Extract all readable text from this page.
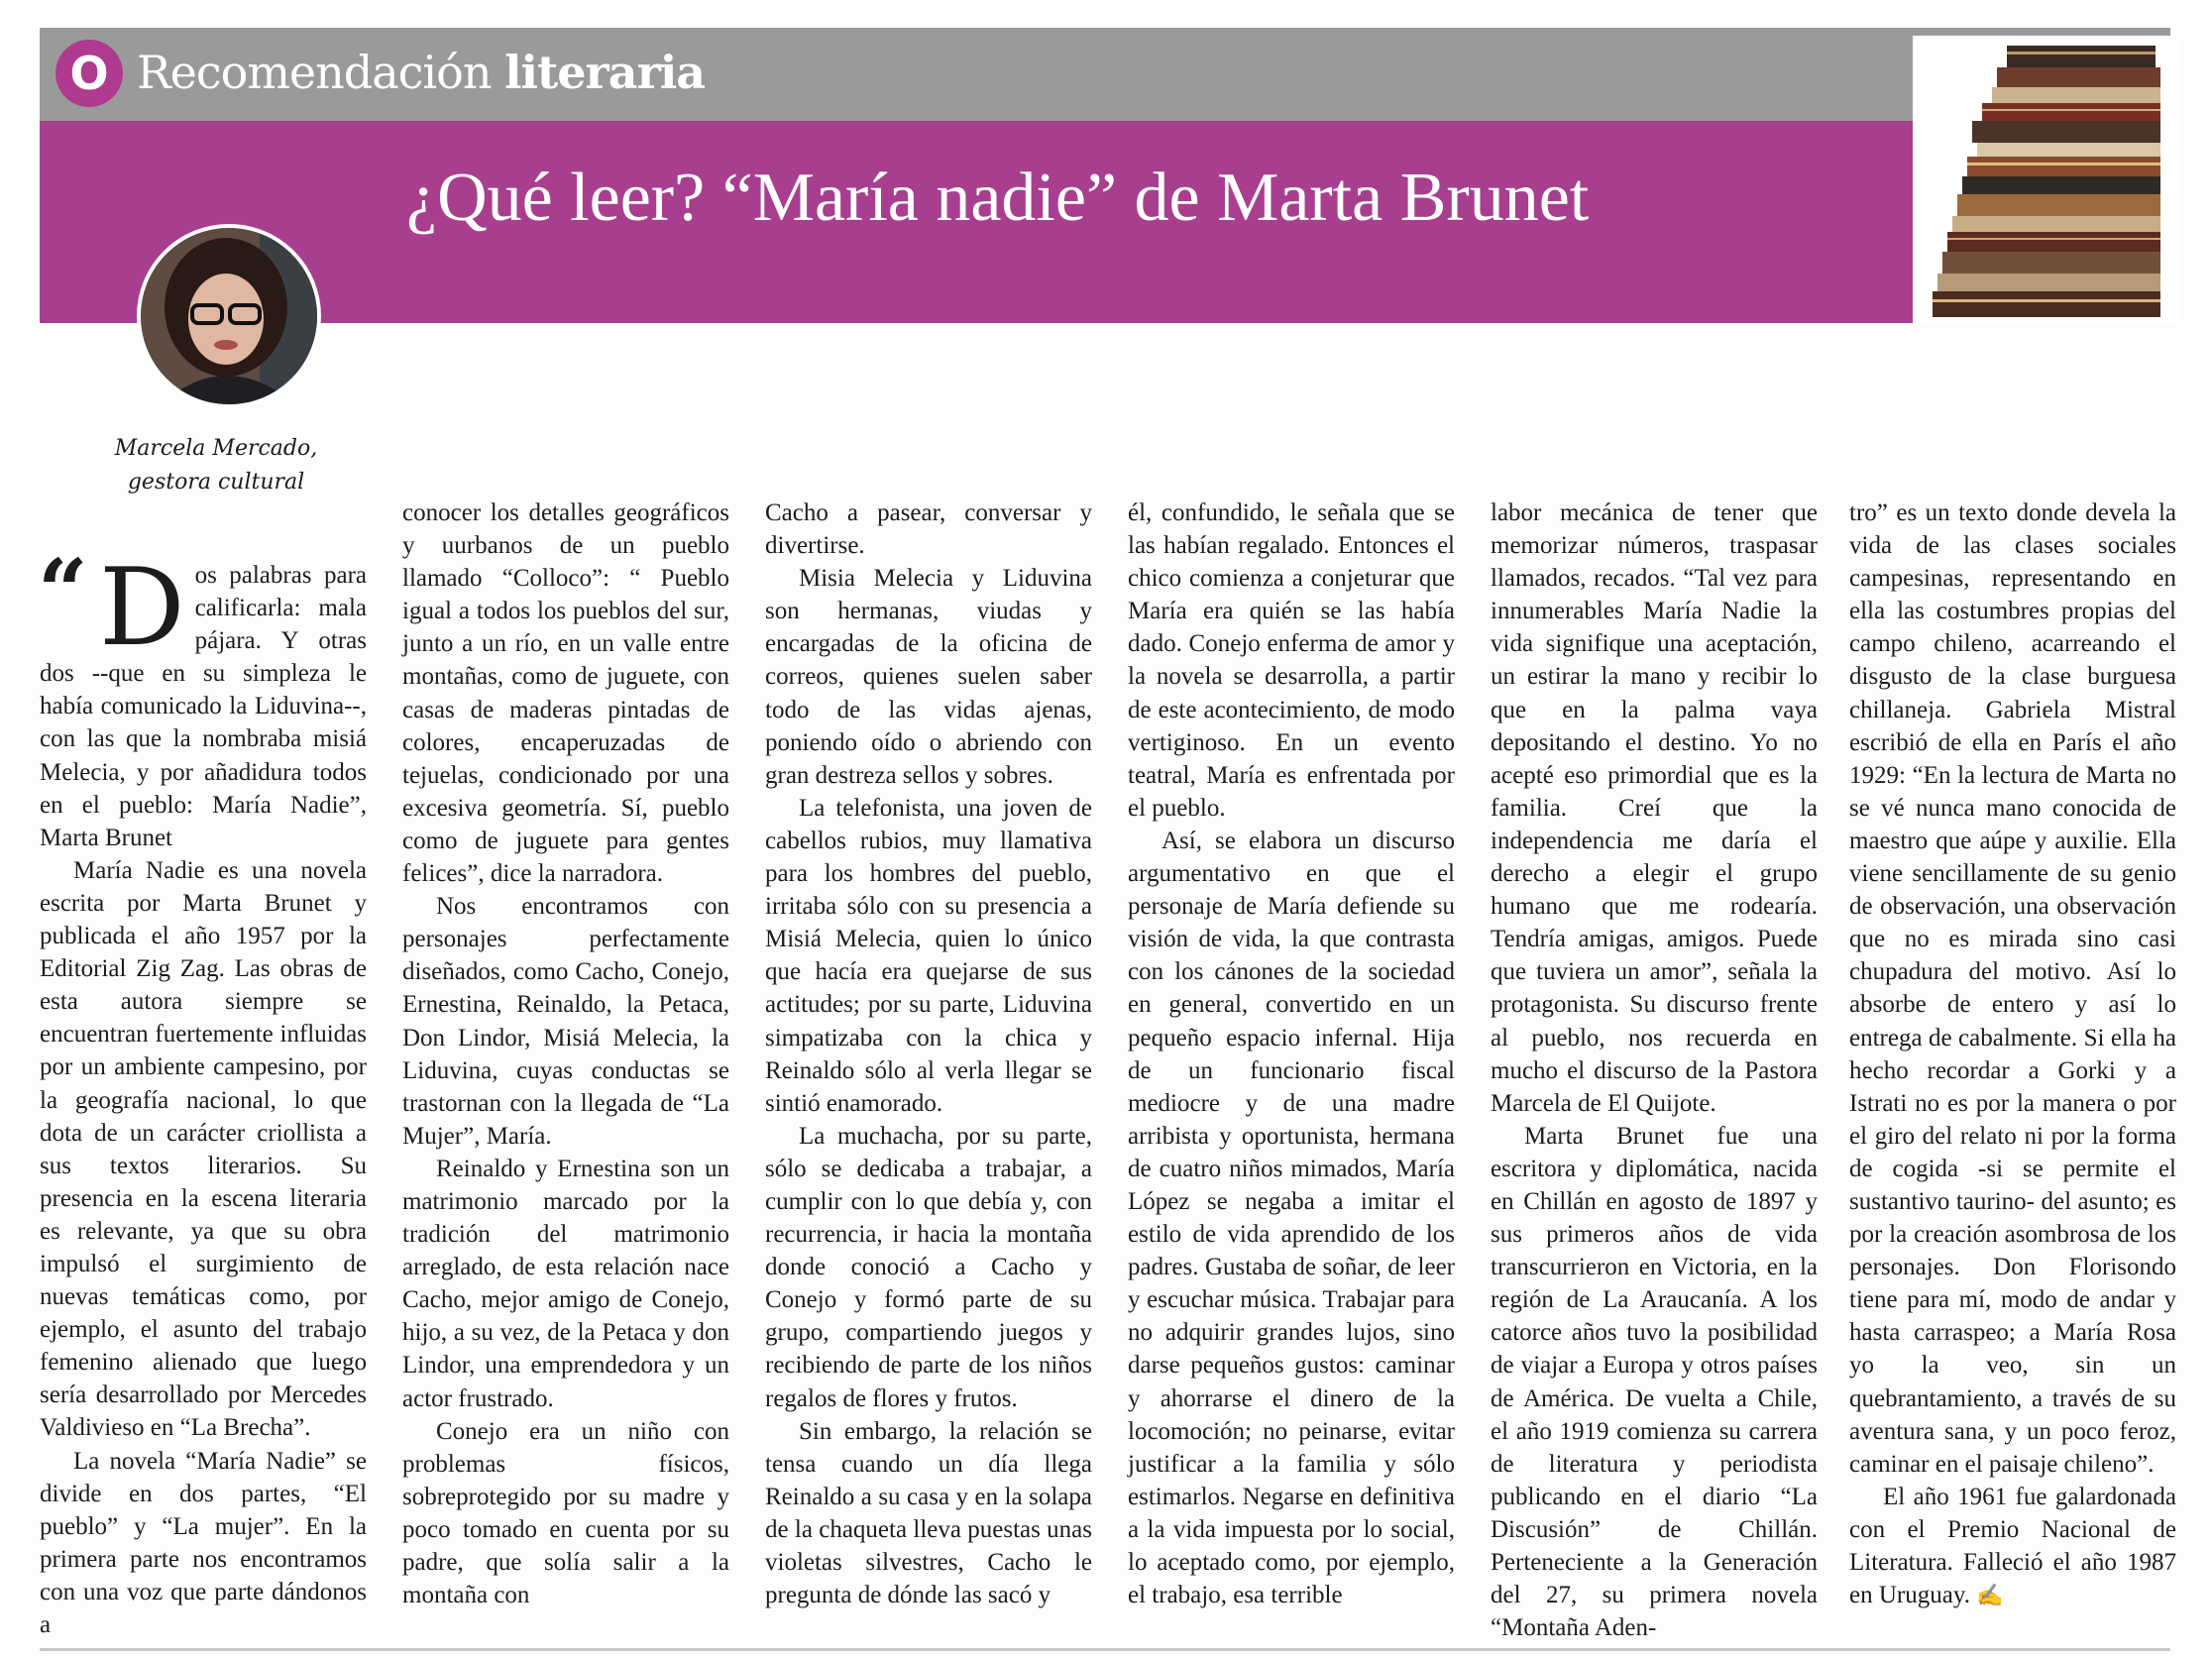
O Recomendación literaria
¿Qué leer? “María nadie” de Marta Brunet
Marcela Mercado,
gestora cultural
“ D os palabras para calificarla: mala pájara. Y otras dos --que en su simpleza le había comunicado la Liduvina--, con las que la nombraba misiá Melecia, y por añadidura todos en el pueblo: María Nadie”, Marta Brunet

María Nadie es una novela escrita por Marta Brunet y publicada el año 1957 por la Editorial Zig Zag. Las obras de esta autora siempre se encuentran fuertemente influidas por un ambiente campesino, por la geografía nacional, lo que dota de un carácter criollista a sus textos literarios. Su presencia en la escena literaria es relevante, ya que su obra impulsó el surgimiento de nuevas temáticas como, por ejemplo, el asunto del trabajo femenino alienado que luego sería desarrollado por Mercedes Valdivieso en “La Brecha”.

La novela “María Nadie” se divide en dos partes, “El pueblo” y “La mujer”. En la primera parte nos encontramos con una voz que parte dándonos a

conocer los detalles geográficos y uurbanos de un pueblo llamado “Colloco”: “ Pueblo igual a todos los pueblos del sur, junto a un río, en un valle entre montañas, como de juguete, con casas de maderas pintadas de colores, encaperuzadas de tejuelas, condicionado por una excesiva geometría. Sí, pueblo como de juguete para gentes felices”, dice la narradora.

Nos encontramos con personajes perfectamente diseñados, como Cacho, Conejo, Ernestina, Reinaldo, la Petaca, Don Lindor, Misiá Melecia, la Liduvina, cuyas conductas se trastornan con la llegada de “La Mujer”, María.

Reinaldo y Ernestina son un matrimonio marcado por la tradición del matrimonio arreglado, de esta relación nace Cacho, mejor amigo de Conejo, hijo, a su vez, de la Petaca y don Lindor, una emprendedora y un actor frustrado.

Conejo era un niño con problemas físicos, sobreprotegido por su madre y poco tomado en cuenta por su padre, que solía salir a la montaña con

Cacho a pasear, conversar y divertirse.

Misia Melecia y Liduvina son hermanas, viudas y encargadas de la oficina de correos, quienes suelen saber todo de las vidas ajenas, poniendo oído o abriendo con gran destreza sellos y sobres.

La telefonista, una joven de cabellos rubios, muy llamativa para los hombres del pueblo, irritaba sólo con su presencia a Misiá Melecia, quien lo único que hacía era quejarse de sus actitudes; por su parte, Liduvina simpatizaba con la chica y Reinaldo sólo al verla llegar se sintió enamorado.

La muchacha, por su parte, sólo se dedicaba a trabajar, a cumplir con lo que debía y, con recurrencia, ir hacia la montaña donde conoció a Cacho y Conejo y formó parte de su grupo, compartiendo juegos y recibiendo de parte de los niños regalos de flores y frutos.

Sin embargo, la relación se tensa cuando un día llega Reinaldo a su casa y en la solapa de la chaqueta lleva puestas unas violetas silvestres, Cacho le pregunta de dónde las sacó y

él, confundido, le señala que se las habían regalado. Entonces el chico comienza a conjeturar que María era quién se las había dado. Conejo enferma de amor y la novela se desarrolla, a partir de este acontecimiento, de modo vertiginoso. En un evento teatral, María es enfrentada por el pueblo.

Así, se elabora un discurso argumentativo en que el personaje de María defiende su visión de vida, la que contrasta con los cánones de la sociedad en general, convertido en un pequeño espacio infernal. Hija de un funcionario fiscal mediocre y de una madre arribista y oportunista, hermana de cuatro niños mimados, María López se negaba a imitar el estilo de vida aprendido de los padres. Gustaba de soñar, de leer y escuchar música. Trabajar para no adquirir grandes lujos, sino darse pequeños gustos: caminar y ahorrarse el dinero de la locomoción; no peinarse, evitar justificar a la familia y sólo estimarlos. Negarse en definitiva a la vida impuesta por lo social, lo aceptado como, por ejemplo, el trabajo, esa terrible

labor mecánica de tener que memorizar números, traspasar llamados, recados. “Tal vez para innumerables María Nadie la vida signifique una aceptación, un estirar la mano y recibir lo que en la palma vaya depositando el destino. Yo no acepté eso primordial que es la familia. Creí que la independencia me daría el derecho a elegir el grupo humano que me rodearía. Tendría amigas, amigos. Puede que tuviera un amor”, señala la protagonista. Su discurso frente al pueblo, nos recuerda en mucho el discurso de la Pastora Marcela de El Quijote.

Marta Brunet fue una escritora y diplomática, nacida en Chillán en agosto de 1897 y sus primeros años de vida transcurrieron en Victoria, en la región de La Araucanía. A los catorce años tuvo la posibilidad de viajar a Europa y otros países de América. De vuelta a Chile, el año 1919 comienza su carrera de literatura y periodista publicando en el diario “La Discusión” de Chillán. Perteneciente a la Generación del 27, su primera novela “Montaña Aden-

tro” es un texto donde devela la vida de las clases sociales campesinas, representando en ella las costumbres propias del campo chileno, acarreando el disgusto de la clase burguesa chillaneja. Gabriela Mistral escribió de ella en París el año 1929: “En la lectura de Marta no se vé nunca mano conocida de maestro que aúpe y auxilie. Ella viene sencillamente de su genio de observación, una observación que no es mirada sino casi chupadura del motivo. Así lo absorbe de entero y así lo entrega de cabalmente. Si ella ha hecho recordar a Gorki y a Istrati no es por la manera o por el giro del relato ni por la forma de cogida -si se permite el sustantivo taurino- del asunto; es por la creación asombrosa de los personajes. Don Florisondo tiene para mí, modo de andar y hasta carraspeo; a María Rosa yo la veo, sin un quebrantamiento, a través de su aventura sana, y un poco feroz, caminar en el paisaje chileno”.

El año 1961 fue galardonada con el Premio Nacional de Literatura. Falleció el año 1987 en Uruguay. ✍
